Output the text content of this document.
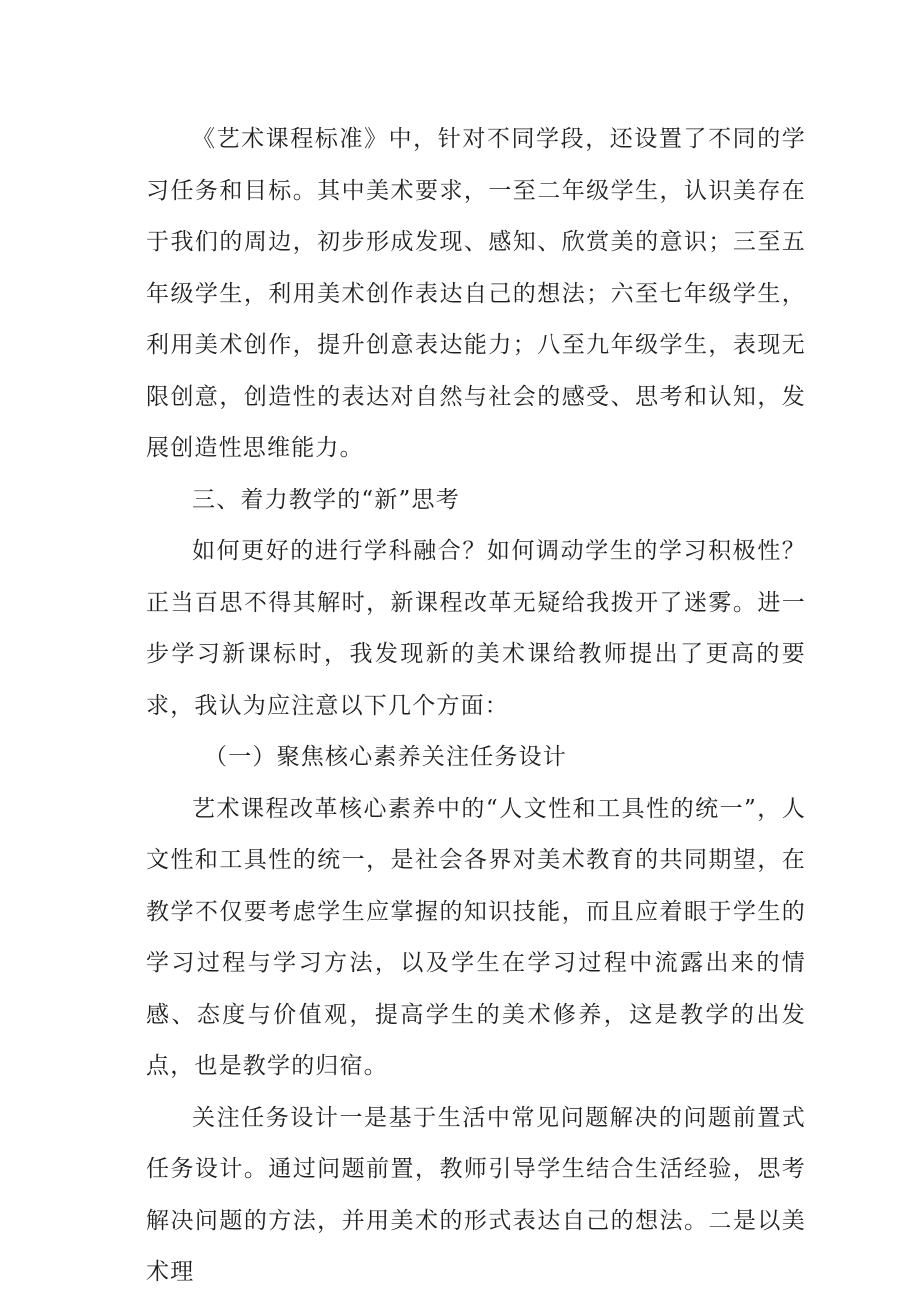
《艺术课程标准》中，针对不同学段，还设置了不同的学习任务和目标。其中美术要求，一至二年级学生，认识美存在于我们的周边，初步形成发现、感知、欣赏美的意识；三至五年级学生，利用美术创作表达自己的想法；六至七年级学生，利用美术创作，提升创意表达能力；八至九年级学生，表现无限创意，创造性的表达对自然与社会的感受、思考和认知，发展创造性思维能力。

三、着力教学的“新”思考

如何更好的进行学科融合？如何调动学生的学习积极性？正当百思不得其解时，新课程改革无疑给我拨开了迷雾。进一步学习新课标时，我发现新的美术课给教师提出了更高的要求，我认为应注意以下几个方面：

（一）聚焦核心素养关注任务设计

艺术课程改革核心素养中的“人文性和工具性的统一”，人文性和工具性的统一，是社会各界对美术教育的共同期望，在教学不仅要考虑学生应掌握的知识技能，而且应着眼于学生的学习过程与学习方法，以及学生在学习过程中流露出来的情感、态度与价值观，提高学生的美术修养，这是教学的出发点，也是教学的归宿。

关注任务设计一是基于生活中常见问题解决的问题前置式任务设计。通过问题前置，教师引导学生结合生活经验，思考解决问题的方法，并用美术的形式表达自己的想法。二是以美术理
